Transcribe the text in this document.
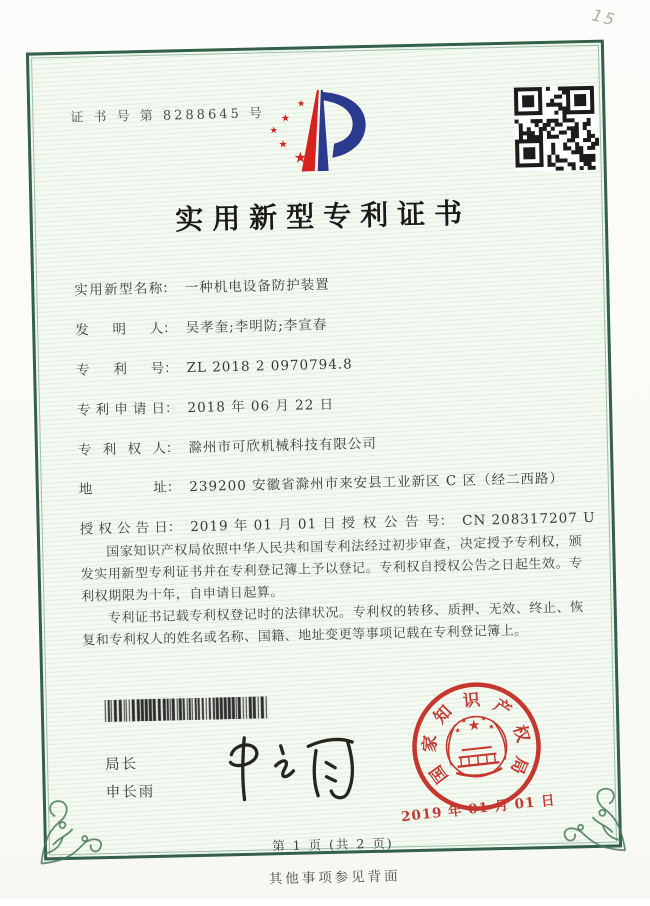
15
证 书 号 第 8288645 号
★
★
★
★
★
实用新型专利证书
实用新型名称： 一种机电设备防护装置
发明人： 吴孝奎;李明防;李宣春
专利号： ZL 2018 2 0970794.8
专利申请日： 2018 年 06 月 22 日
专利权人： 滁州市可欣机械科技有限公司
地址： 239200 安徽省滁州市来安县工业新区 C 区（经二西路）
授权公告日： 2019 年 01 月 01 日 授权公告号： CN 208317207 U

国家知识产权局依照中华人民共和国专利法经过初步审查，决定授予专利权，颁发实用新型专利证书并在专利登记簿上予以登记。专利权自授权公告之日起生效。专利权期限为十年，自申请日起算。

专利证书记载专利权登记时的法律状况。专利权的转移、质押、无效、终止、恢复和专利权人的姓名或名称、国籍、地址变更等事项记载在专利登记簿上。

局长
申长雨
国
家
知
识 产
权
局
★
★
★ ★
★
2019 年 01 月 01 日
第 1 页 (共 2 页)
其他事项参见背面
